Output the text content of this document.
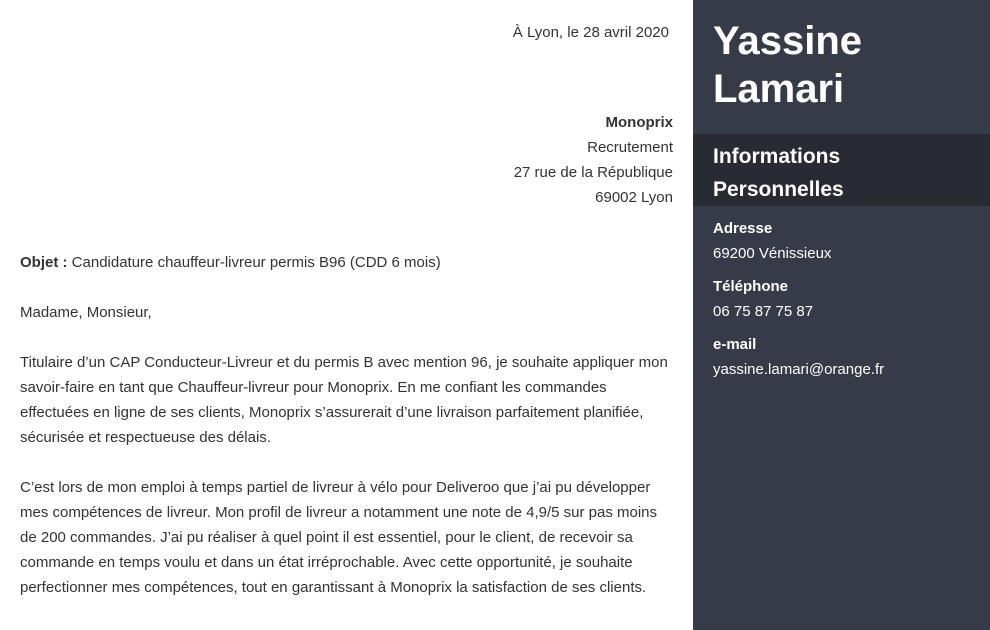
À Lyon, le 28 avril 2020
Monoprix
Recrutement
27 rue de la République
69002 Lyon
Objet : Candidature chauffeur-livreur permis B96 (CDD 6 mois)
Madame, Monsieur,

Titulaire d’un CAP Conducteur-Livreur et du permis B avec mention 96, je souhaite appliquer mon savoir-faire en tant que Chauffeur-livreur pour Monoprix. En me confiant les commandes effectuées en ligne de ses clients, Monoprix s’assurerait d’une livraison parfaitement planifiée, sécurisée et respectueuse des délais.

C’est lors de mon emploi à temps partiel de livreur à vélo pour Deliveroo que j’ai pu développer mes compétences de livreur. Mon profil de livreur a notamment une note de 4,9/5 sur pas moins de 200 commandes. J’ai pu réaliser à quel point il est essentiel, pour le client, de recevoir sa commande en temps voulu et dans un état irréprochable. Avec cette opportunité, je souhaite perfectionner mes compétences, tout en garantissant à Monoprix la satisfaction de ses clients.

Yassine
Lamari
Informations
Personnelles
Adresse
69200 Vénissieux
Téléphone
06 75 87 75 87
e-mail
yassine.lamari@orange.fr
